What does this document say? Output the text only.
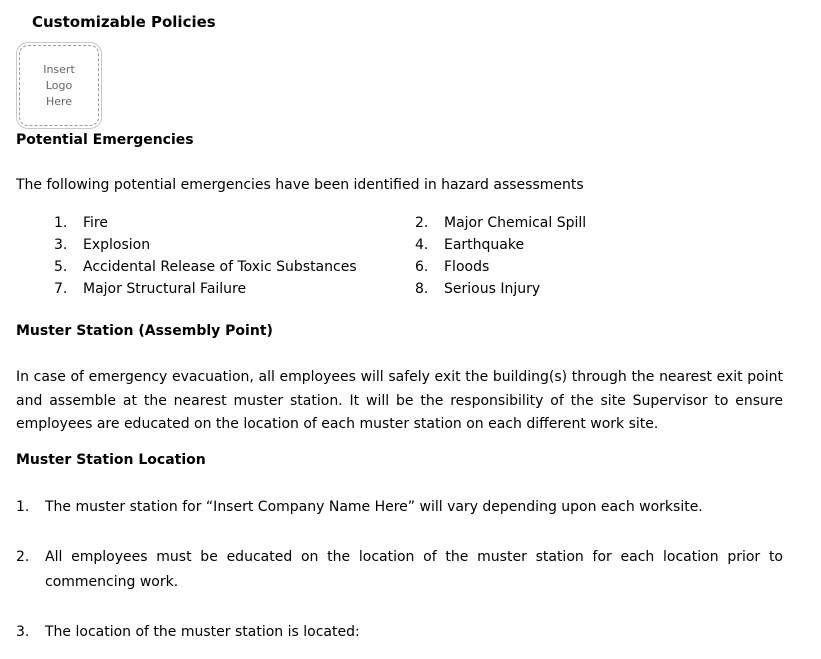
Customizable Policies
Insert
Logo
Here
Potential Emergencies

The following potential emergencies have been identified in hazard assessments

1.	Fire	2.	Major Chemical Spill
3.	Explosion	4.	Earthquake
5.	Accidental Release of Toxic Substances	6.	Floods
7.	Major Structural Failure	8.	Serious Injury
Muster Station (Assembly Point)

In case of emergency evacuation, all employees will safely exit the building(s) through the nearest exit point and assemble at the nearest muster station. It will be the responsibility of the site Supervisor to ensure employees are educated on the location of each muster station on each different work site.

Muster Station Location
1.	The muster station for “Insert Company Name Here” will vary depending upon each worksite.
2.	All employees must be educated on the location of the muster station for each location prior to commencing work.
3.	The location of the muster station is located:
